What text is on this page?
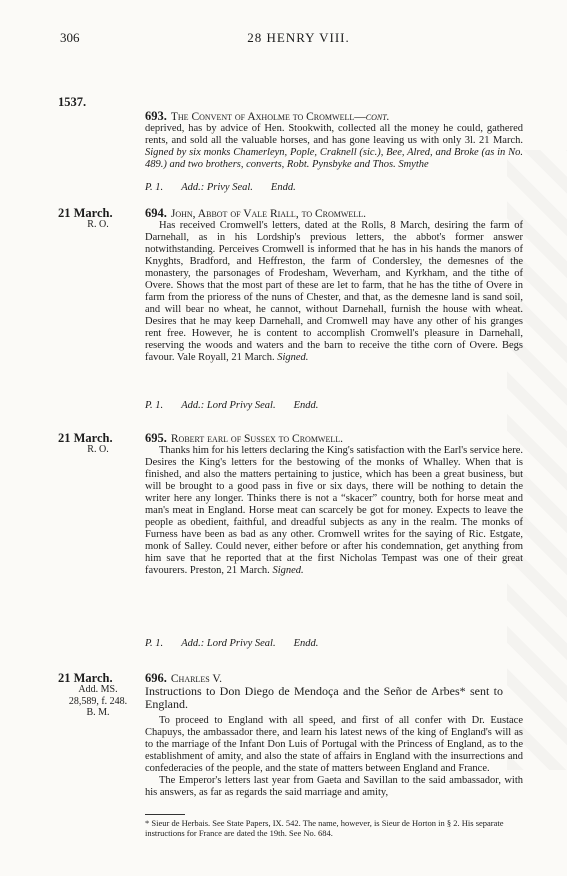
306	28 HENRY VIII.
1537.
693. The Convent of Axholme to Cromwell—cont.

deprived, has by advice of Hen. Stookwith, collected all the money he could, gathered rents, and sold all the valuable horses, and has gone leaving us with only 3l. 21 March. Signed by six monks Chamerleyn, Pople, Craknell (sic.), Bee, Alred, and Broke (as in No. 489.) and two brothers, converts, Robt. Pynsbyke and Thos. Smythe

P. 1. Add.: Privy Seal. Endd.
21 March.
R. O.
694. John, Abbot of Vale Riall, to Cromwell.

Has received Cromwell's letters, dated at the Rolls, 8 March, desiring the farm of Darnehall, as in his Lordship's previous letters, the abbot's former answer notwithstanding. Perceives Cromwell is informed that he has in his hands the manors of Knyghts, Bradford, and Heffreston, the farm of Condersley, the demesnes of the monastery, the parsonages of Frodesham, Weverham, and Kyrkham, and the tithe of Overe. Shows that the most part of these are let to farm, that he has the tithe of Overe in farm from the prioress of the nuns of Chester, and that, as the demesne land is sand soil, and will bear no wheat, he cannot, without Darnehall, furnish the house with wheat. Desires that he may keep Darnehall, and Cromwell may have any other of his granges rent free. However, he is content to accomplish Cromwell's pleasure in Darnehall, reserving the woods and waters and the barn to receive the tithe corn of Overe. Begs favour. Vale Royall, 21 March. Signed.

P. 1. Add.: Lord Privy Seal. Endd.
21 March.
R. O.
695. Robert earl of Sussex to Cromwell.

Thanks him for his letters declaring the King's satisfaction with the Earl's service here. Desires the King's letters for the bestowing of the monks of Whalley. When that is finished, and also the matters pertaining to justice, which has been a great business, but will be brought to a good pass in five or six days, there will be nothing to detain the writer here any longer. Thinks there is not a “skacer” country, both for horse meat and man's meat in England. Horse meat can scarcely be got for money. Expects to leave the people as obedient, faithful, and dreadful subjects as any in the realm. The monks of Furness have been as bad as any other. Cromwell writes for the saying of Ric. Estgate, monk of Salley. Could never, either before or after his condemnation, get anything from him save that he reported that at the first Nicholas Tempast was one of their great favourers. Preston, 21 March. Signed.

P. 1. Add.: Lord Privy Seal. Endd.
21 March.
Add. MS. 28,589, f. 248. B. M.
696. Charles V.
Instructions to Don Diego de Mendoça and the Señor de Arbes* sent to England.

To proceed to England with all speed, and first of all confer with Dr. Eustace Chapuys, the ambassador there, and learn his latest news of the king of England's will as to the marriage of the Infant Don Luis of Portugal with the Princess of England, as to the establishment of amity, and also the state of affairs in England with the insurrections and confederacies of the people, and the state of matters between England and France.

The Emperor's letters last year from Gaeta and Savillan to the said ambassador, with his answers, as far as regards the said marriage and amity,

* Sieur de Herbais. See State Papers, IX. 542. The name, however, is Sieur de Horton in § 2. His separate instructions for France are dated the 19th. See No. 684.
